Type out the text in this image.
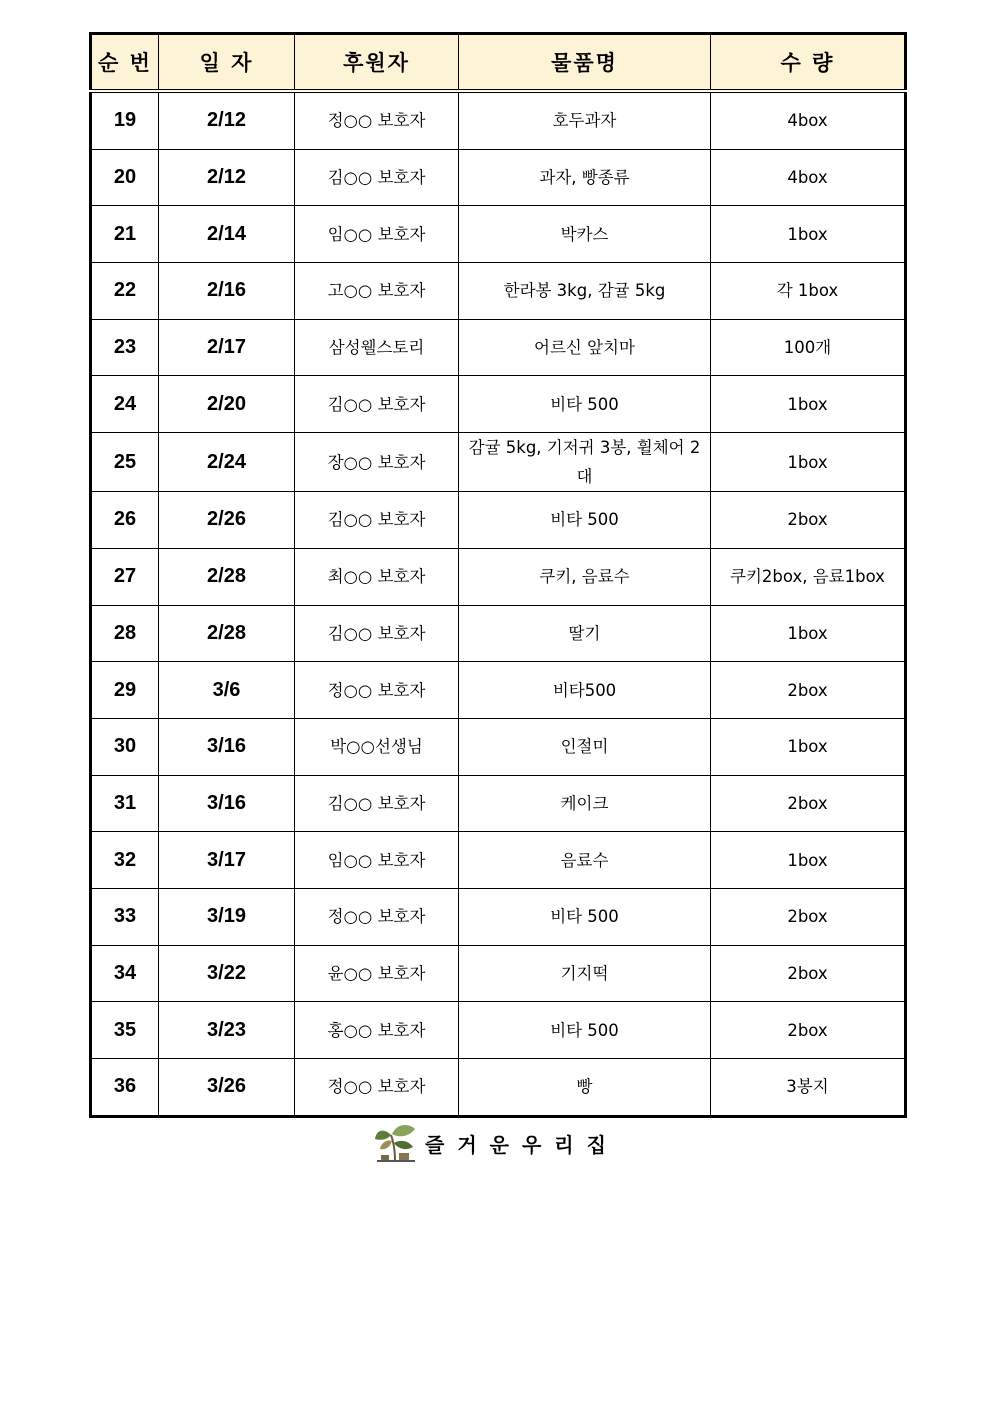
순 번	일 자	후원자	물품명	수 량
19	2/12	정○○ 보호자	호두과자	4box
20	2/12	김○○ 보호자	과자, 빵종류	4box
21	2/14	임○○ 보호자	박카스	1box
22	2/16	고○○ 보호자	한라봉 3kg, 감귤 5kg	각 1box
23	2/17	삼성웰스토리	어르신 앞치마	100개
24	2/20	김○○ 보호자	비타 500	1box
25	2/24	장○○ 보호자	감귤 5kg, 기저귀 3봉, 휠체어 2대	1box
26	2/26	김○○ 보호자	비타 500	2box
27	2/28	최○○ 보호자	쿠키, 음료수	쿠키2box, 음료1box
28	2/28	김○○ 보호자	딸기	1box
29	3/6	정○○ 보호자	비타500	2box
30	3/16	박○○선생님	인절미	1box
31	3/16	김○○ 보호자	케이크	2box
32	3/17	임○○ 보호자	음료수	1box
33	3/19	정○○ 보호자	비타 500	2box
34	3/22	윤○○ 보호자	기지떡	2box
35	3/23	홍○○ 보호자	비타 500	2box
36	3/26	정○○ 보호자	빵	3봉지
즐거운우리집
